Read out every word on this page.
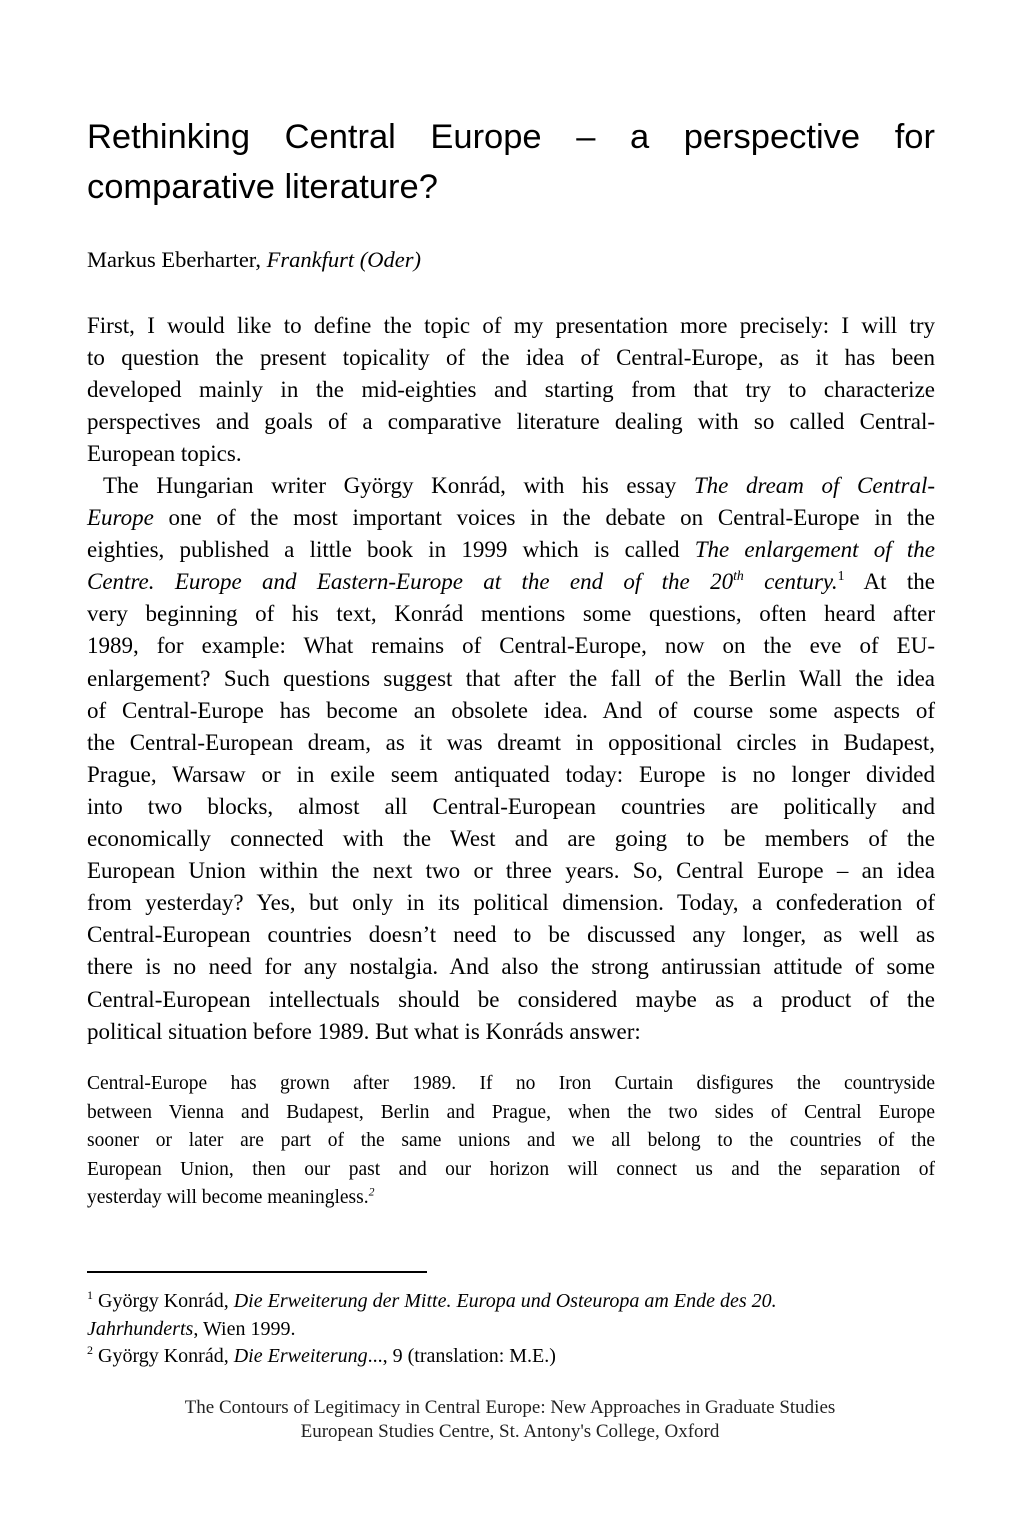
Rethinking Central Europe – a perspective for
comparative literature?
Markus Eberharter, Frankfurt (Oder)
First, I would like to define the topic of my presentation more precisely: I will try
to question the present topicality of the idea of Central-Europe, as it has been
developed mainly in the mid-eighties and starting from that try to characterize
perspectives and goals of a comparative literature dealing with so called Central-
European topics.
The Hungarian writer György Konrád, with his essay The dream of Central-
Europe one of the most important voices in the debate on Central-Europe in the
eighties, published a little book in 1999 which is called The enlargement of the
Centre. Europe and Eastern-Europe at the end of the 20th century.$^1$ At the
very beginning of his text, Konrád mentions some questions, often heard after
1989, for example: What remains of Central-Europe, now on the eve of EU-
enlargement? Such questions suggest that after the fall of the Berlin Wall the idea
of Central-Europe has become an obsolete idea. And of course some aspects of
the Central-European dream, as it was dreamt in oppositional circles in Budapest,
Prague, Warsaw or in exile seem antiquated today: Europe is no longer divided
into two blocks, almost all Central-European countries are politically and
economically connected with the West and are going to be members of the
European Union within the next two or three years. So, Central Europe – an idea
from yesterday? Yes, but only in its political dimension. Today, a confederation of
Central-European countries doesn’t need to be discussed any longer, as well as
there is no need for any nostalgia. And also the strong antirussian attitude of some
Central-European intellectuals should be considered maybe as a product of the
political situation before 1989. But what is Konráds answer:
Central-Europe has grown after 1989. If no Iron Curtain disfigures the countryside
between Vienna and Budapest, Berlin and Prague, when the two sides of Central Europe
sooner or later are part of the same unions and we all belong to the countries of the
European Union, then our past and our horizon will connect us and the separation of
yesterday will become meaningless.$^2$
$^1$ György Konrád, Die Erweiterung der Mitte. Europa und Osteuropa am Ende des 20.
Jahrhunderts, Wien 1999.
$^2$ György Konrád, Die Erweiterung..., 9 (translation: M.E.)
The Contours of Legitimacy in Central Europe: New Approaches in Graduate Studies
European Studies Centre, St. Antony's College, Oxford
